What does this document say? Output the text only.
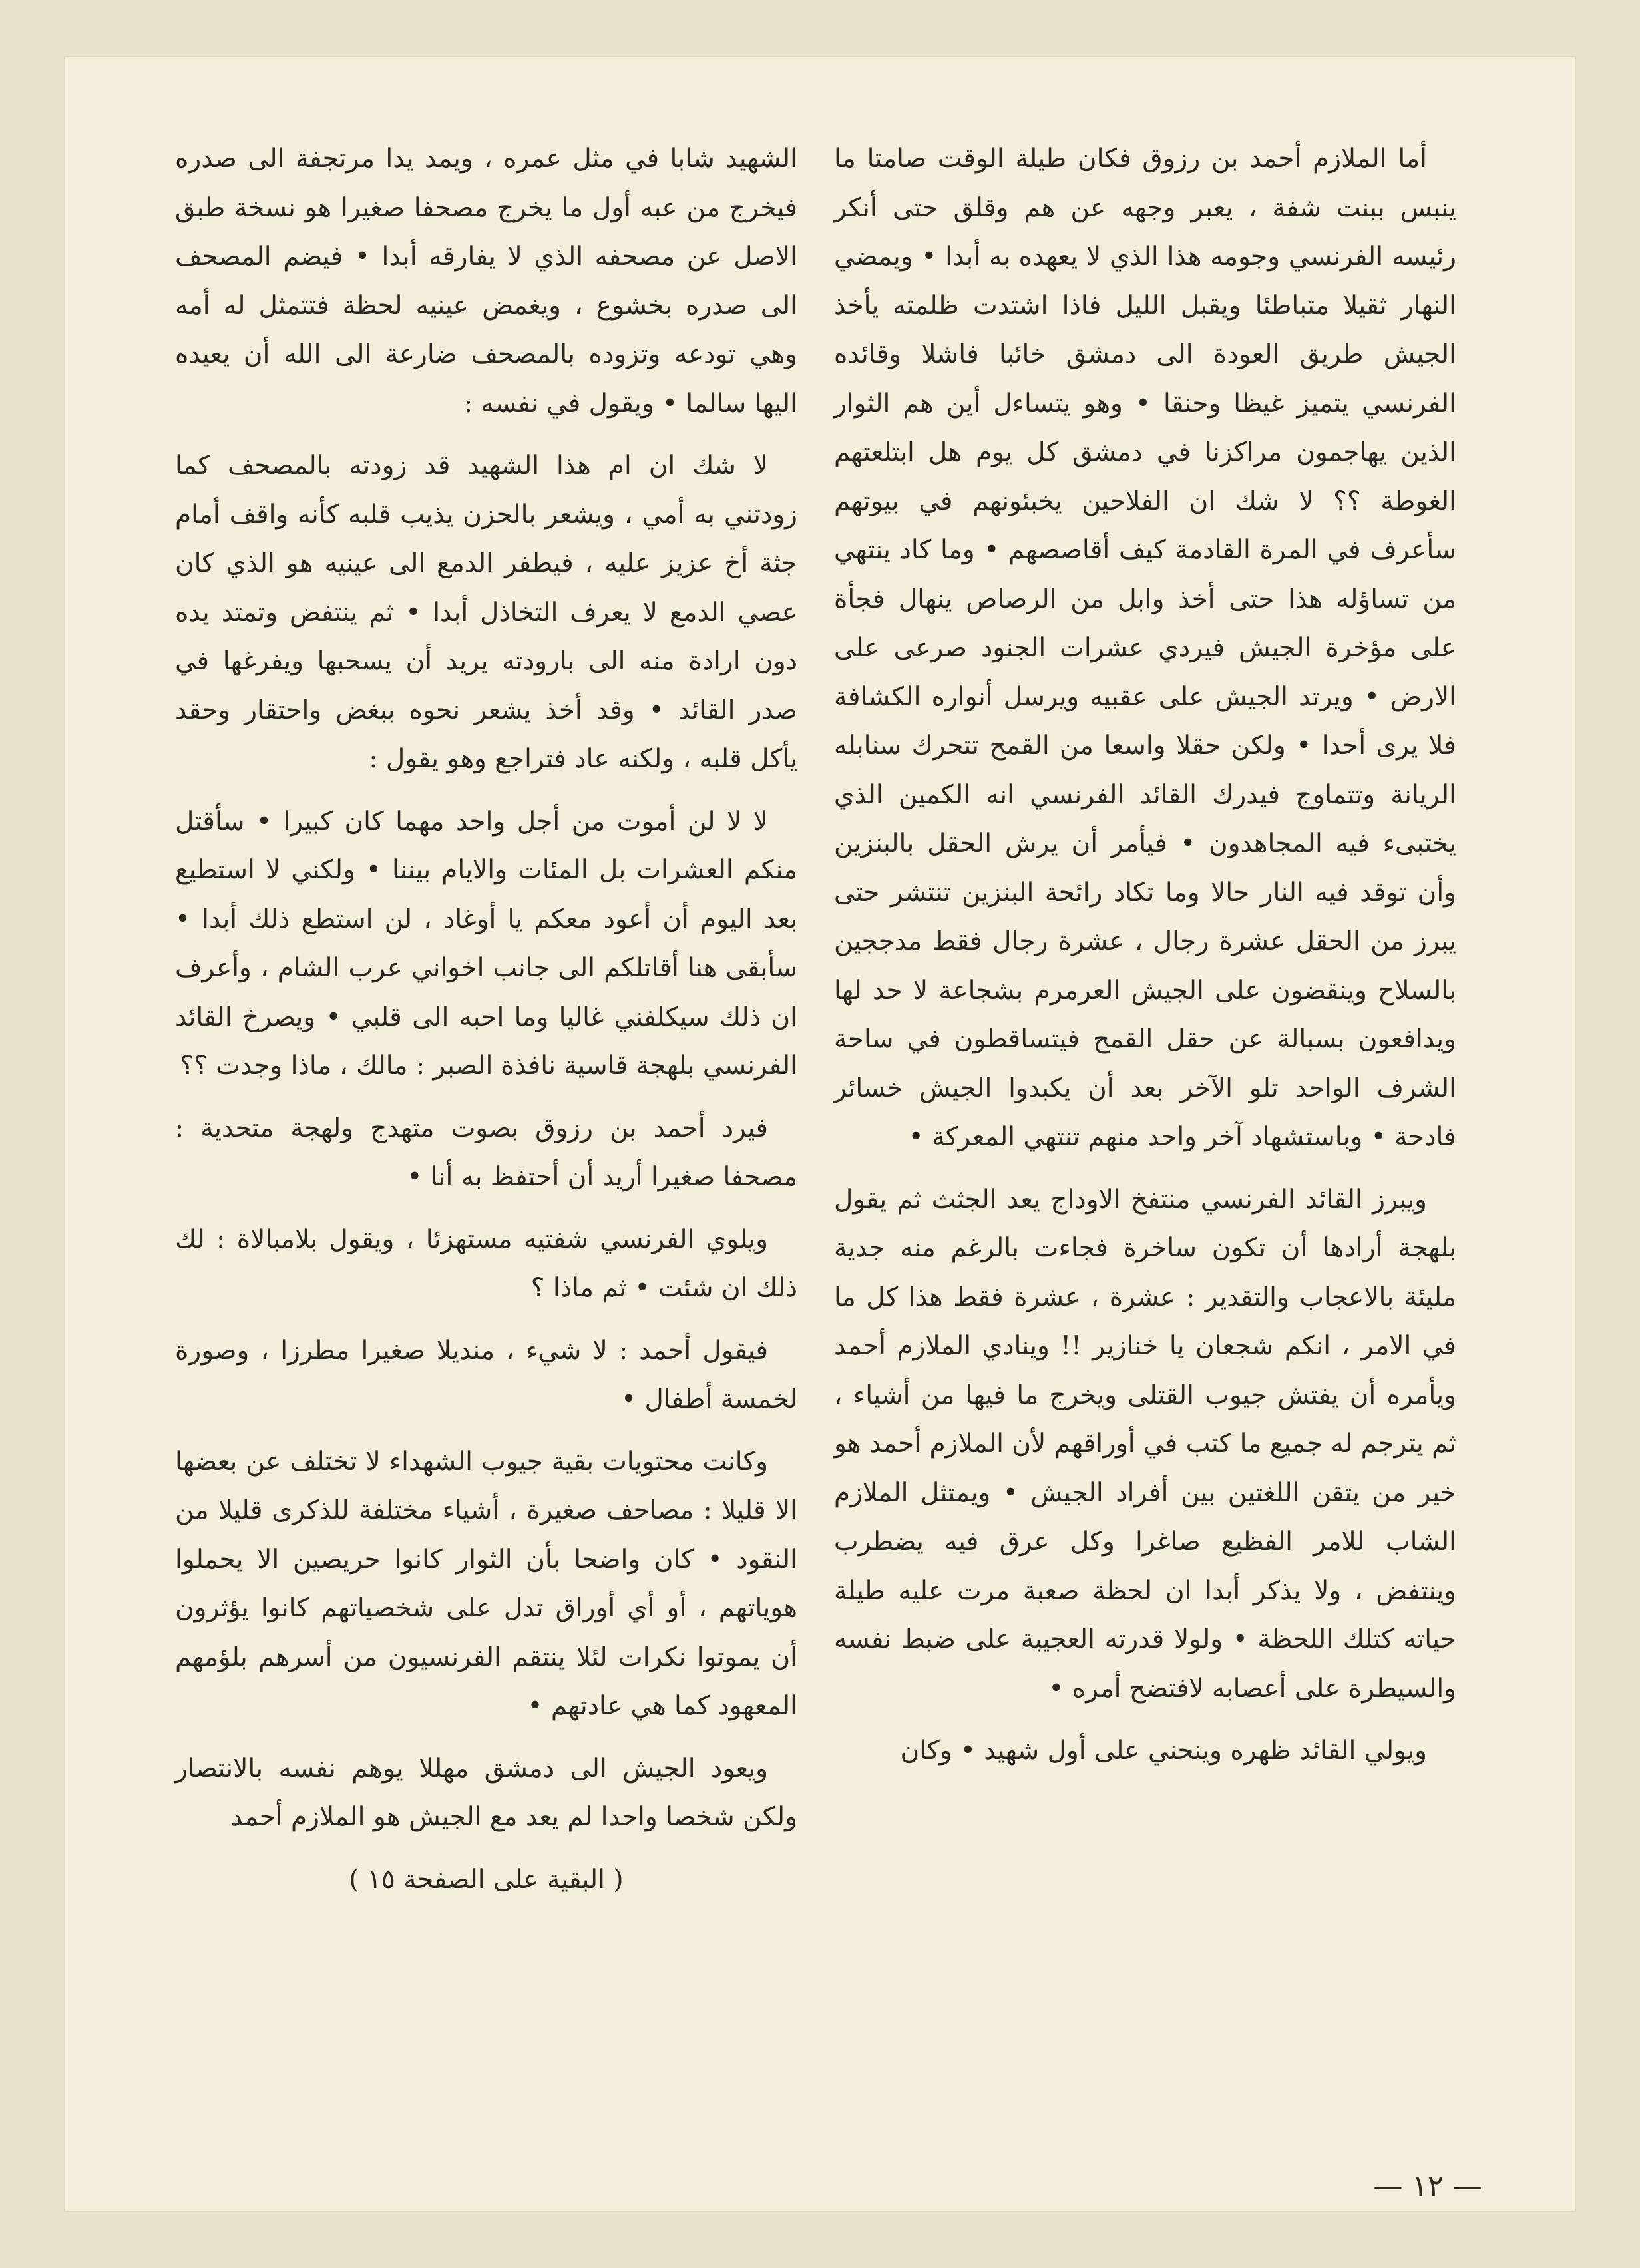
أما الملازم أحمد بن رزوق فكان طيلة الوقت صامتا ما ينبس ببنت شفة ، يعبر وجهه عن هم وقلق حتى أنكر رئيسه الفرنسي وجومه هذا الذي لا يعهده به أبدا • ويمضي النهار ثقيلا متباطئا ويقبل الليل فاذا اشتدت ظلمته يأخذ الجيش طريق العودة الى دمشق خائبا فاشلا وقائده الفرنسي يتميز غيظا وحنقا • وهو يتساءل أين هم الثوار الذين يهاجمون مراكزنا في دمشق كل يوم هل ابتلعتهم الغوطة ؟؟ لا شك ان الفلاحين يخبئونهم في بيوتهم سأعرف في المرة القادمة كيف أقاصصهم • وما كاد ينتهي من تساؤله هذا حتى أخذ وابل من الرصاص ينهال فجأة على مؤخرة الجيش فيردي عشرات الجنود صرعى على الارض • ويرتد الجيش على عقبيه ويرسل أنواره الكشافة فلا يرى أحدا • ولكن حقلا واسعا من القمح تتحرك سنابله الريانة وتتماوج فيدرك القائد الفرنسي انه الكمين الذي يختبىء فيه المجاهدون • فيأمر أن يرش الحقل بالبنزين وأن توقد فيه النار حالا وما تكاد رائحة البنزين تنتشر حتى يبرز من الحقل عشرة رجال ، عشرة رجال فقط مدججين بالسلاح وينقضون على الجيش العرمرم بشجاعة لا حد لها ويدافعون بسبالة عن حقل القمح فيتساقطون في ساحة الشرف الواحد تلو الآخر بعد أن يكبدوا الجيش خسائر فادحة • وباستشهاد آخر واحد منهم تنتهي المعركة •

ويبرز القائد الفرنسي منتفخ الاوداج يعد الجثث ثم يقول بلهجة أرادها أن تكون ساخرة فجاءت بالرغم منه جدية مليئة بالاعجاب والتقدير : عشرة ، عشرة فقط هذا كل ما في الامر ، انكم شجعان يا خنازير !! وينادي الملازم أحمد ويأمره أن يفتش جيوب القتلى ويخرج ما فيها من أشياء ، ثم يترجم له جميع ما كتب في أوراقهم لأن الملازم أحمد هو خير من يتقن اللغتين بين أفراد الجيش • ويمتثل الملازم الشاب للامر الفظيع صاغرا وكل عرق فيه يضطرب وينتفض ، ولا يذكر أبدا ان لحظة صعبة مرت عليه طيلة حياته كتلك اللحظة • ولولا قدرته العجيبة على ضبط نفسه والسيطرة على أعصابه لافتضح أمره •

ويولي القائد ظهره وينحني على أول شهيد • وكان

الشهيد شابا في مثل عمره ، ويمد يدا مرتجفة الى صدره فيخرج من عبه أول ما يخرج مصحفا صغيرا هو نسخة طبق الاصل عن مصحفه الذي لا يفارقه أبدا • فيضم المصحف الى صدره بخشوع ، ويغمض عينيه لحظة فتتمثل له أمه وهي تودعه وتزوده بالمصحف ضارعة الى الله أن يعيده اليها سالما • ويقول في نفسه :

لا شك ان ام هذا الشهيد قد زودته بالمصحف كما زودتني به أمي ، ويشعر بالحزن يذيب قلبه كأنه واقف أمام جثة أخ عزيز عليه ، فيطفر الدمع الى عينيه هو الذي كان عصي الدمع لا يعرف التخاذل أبدا • ثم ينتفض وتمتد يده دون ارادة منه الى بارودته يريد أن يسحبها ويفرغها في صدر القائد • وقد أخذ يشعر نحوه ببغض واحتقار وحقد يأكل قلبه ، ولكنه عاد فتراجع وهو يقول :

لا لا لن أموت من أجل واحد مهما كان كبيرا • سأقتل منكم العشرات بل المئات والايام بيننا • ولكني لا استطيع بعد اليوم أن أعود معكم يا أوغاد ، لن استطع ذلك أبدا • سأبقى هنا أقاتلكم الى جانب اخواني عرب الشام ، وأعرف ان ذلك سيكلفني غاليا وما احبه الى قلبي • ويصرخ القائد الفرنسي بلهجة قاسية نافذة الصبر : مالك ، ماذا وجدت ؟؟

فيرد أحمد بن رزوق بصوت متهدج ولهجة متحدية : مصحفا صغيرا أريد أن أحتفظ به أنا •

ويلوي الفرنسي شفتيه مستهزئا ، ويقول بلامبالاة : لك ذلك ان شئت • ثم ماذا ؟

فيقول أحمد : لا شيء ، منديلا صغيرا مطرزا ، وصورة لخمسة أطفال •

وكانت محتويات بقية جيوب الشهداء لا تختلف عن بعضها الا قليلا : مصاحف صغيرة ، أشياء مختلفة للذكرى قليلا من النقود • كان واضحا بأن الثوار كانوا حريصين الا يحملوا هوياتهم ، أو أي أوراق تدل على شخصياتهم كانوا يؤثرون أن يموتوا نكرات لئلا ينتقم الفرنسيون من أسرهم بلؤمهم المعهود كما هي عادتهم •

ويعود الجيش الى دمشق مهللا يوهم نفسه بالانتصار ولكن شخصا واحدا لم يعد مع الجيش هو الملازم أحمد

( البقية على الصفحة ١٥ )

— ١٢ —
